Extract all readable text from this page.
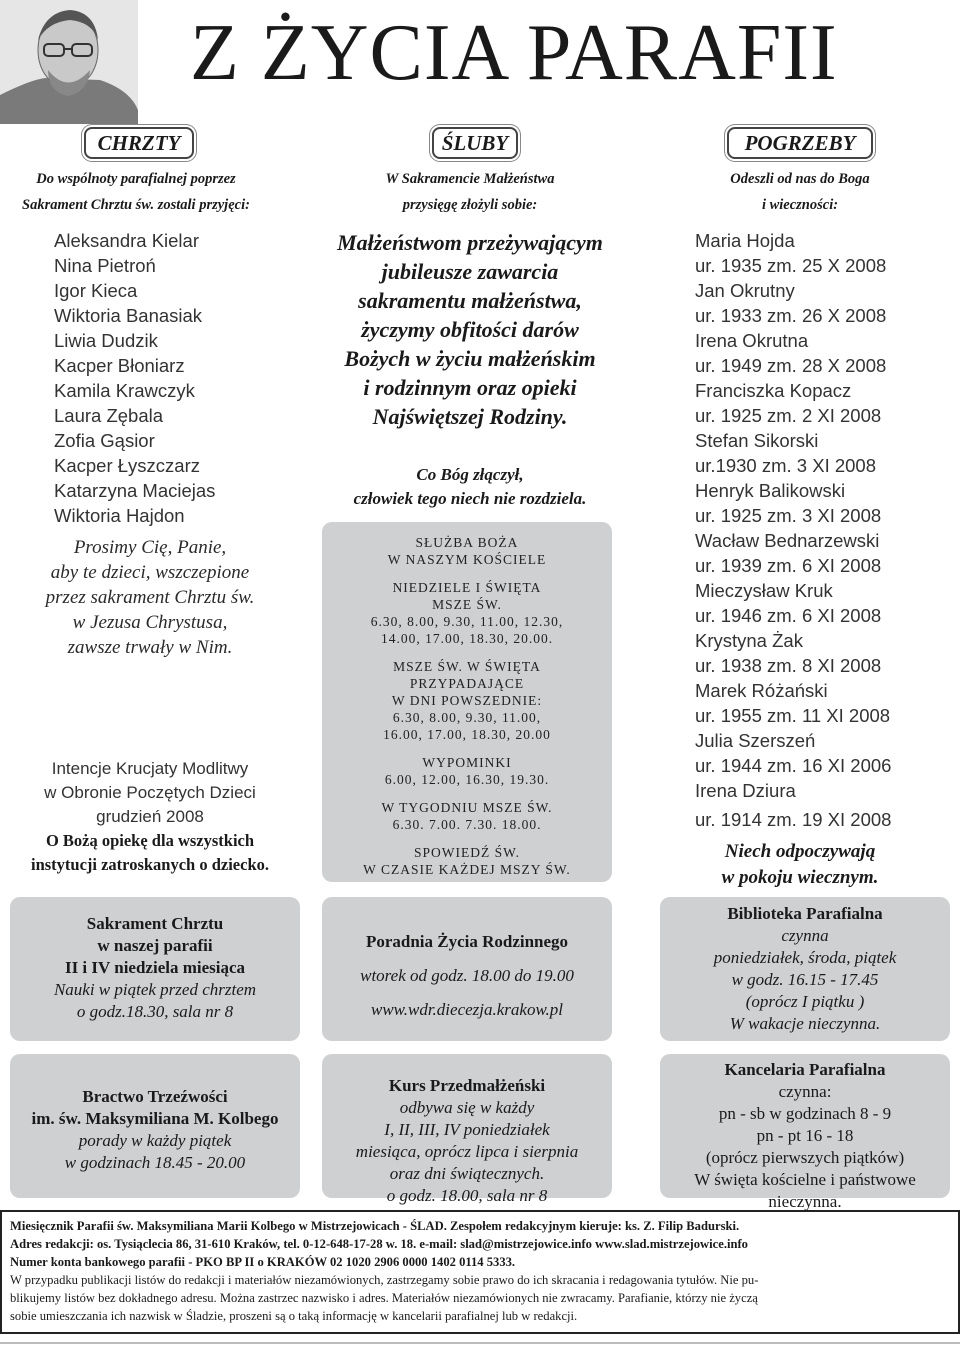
Z ŻYCIA PARAFII
CHRZTY
Do wspólnoty parafialnej poprzez
Sakrament Chrztu św. zostali przyjęci:
Aleksandra Kielar
Nina Pietroń
Igor Kieca
Wiktoria Banasiak
Liwia Dudzik
Kacper Błoniarz
Kamila Krawczyk
Laura Zębala
Zofia Gąsior
Kacper Łyszczarz
Katarzyna Maciejas
Wiktoria Hajdon
Prosimy Cię, Panie,
aby te dzieci, wszczepione
przez sakrament Chrztu św.
w Jezusa Chrystusa,
zawsze trwały w Nim.
Intencje Krucjaty Modlitwy
w Obronie Poczętych Dzieci
grudzień 2008
O Bożą opiekę dla wszystkich
instytucji zatroskanych o dziecko.
ŚLUBY
W Sakramencie Małżeństwa
przysięgę złożyli sobie:
Małżeństwom przeżywającym
jubileusze zawarcia
sakramentu małżeństwa,
życzymy obfitości darów
Bożych w życiu małżeńskim
i rodzinnym oraz opieki
Najświętszej Rodziny.
Co Bóg złączył,
człowiek tego niech nie rozdziela.
SŁUŻBA BOŻA
W NASZYM KOŚCIELE
NIEDZIELE I ŚWIĘTA
MSZE ŚW.
6.30, 8.00, 9.30, 11.00, 12.30,
14.00, 17.00, 18.30, 20.00.
MSZE ŚW. W ŚWIĘTA
PRZYPADAJĄCE
W DNI POWSZEDNIE:
6.30, 8.00, 9.30, 11.00,
16.00, 17.00, 18.30, 20.00
WYPOMINKI
6.00, 12.00, 16.30, 19.30.
W TYGODNIU MSZE ŚW.
6.30. 7.00. 7.30. 18.00.
SPOWIEDŹ ŚW.
W CZASIE KAŻDEJ MSZY ŚW.
POGRZEBY
Odeszli od nas do Boga
i wieczności:
Maria Hojda
ur. 1935 zm. 25 X 2008
Jan Okrutny
ur. 1933 zm. 26 X 2008
Irena Okrutna
ur. 1949 zm. 28 X 2008
Franciszka Kopacz
ur. 1925 zm. 2 XI 2008
Stefan Sikorski
ur.1930 zm. 3 XI 2008
Henryk Balikowski
ur. 1925 zm. 3 XI 2008
Wacław Bednarzewski
ur. 1939 zm. 6 XI 2008
Mieczysław Kruk
ur. 1946 zm. 6 XI 2008
Krystyna Żak
ur. 1938 zm. 8 XI 2008
Marek Różański
ur. 1955 zm. 11 XI 2008
Julia Szerszeń
ur. 1944 zm. 16 XI 2006
Irena Dziura
ur. 1914 zm. 19 XI 2008
Niech odpoczywają
w pokoju wiecznym.
Sakrament Chrztu
w naszej parafii
II i IV niedziela miesiąca
Nauki w piątek przed chrztem
o godz.18.30, sala nr 8
Poradnia Życia Rodzinnego
wtorek od godz. 18.00 do 19.00
www.wdr.diecezja.krakow.pl
Biblioteka Parafialna
czynna
poniedziałek, środa, piątek
w godz. 16.15 - 17.45
(oprócz I piątku )
W wakacje nieczynna.
Bractwo Trzeźwości
im. św. Maksymiliana M. Kolbego
porady w każdy piątek
w godzinach 18.45 - 20.00
Kurs Przedmałżeński
odbywa się w każdy
I, II, III, IV poniedziałek
miesiąca, oprócz lipca i sierpnia
oraz dni świątecznych.
o godz. 18.00, sala nr 8
Kancelaria Parafialna
czynna:
pn - sb w godzinach 8 - 9
pn - pt 16 - 18
(oprócz pierwszych piątków)
W święta kościelne i państwowe
nieczynna.
Miesięcznik Parafii św. Maksymiliana Marii Kolbego w Mistrzejowicach - ŚLAD. Zespołem redakcyjnym kieruje: ks. Z. Filip Badurski.
Adres redakcji: os. Tysiąclecia 86, 31-610 Kraków, tel. 0-12-648-17-28 w. 18. e-mail: slad@mistrzejowice.info www.slad.mistrzejowice.info
Numer konta bankowego parafii - PKO BP II o KRAKÓW 02 1020 2906 0000 1402 0114 5333.
W przypadku publikacji listów do redakcji i materiałów niezamówionych, zastrzegamy sobie prawo do ich skracania i redagowania tytułów. Nie pu-
blikujemy listów bez dokładnego adresu. Można zastrzec nazwisko i adres. Materiałów niezamówionych nie zwracamy. Parafianie, którzy nie życzą
sobie umieszczania ich nazwisk w Śladzie, proszeni są o taką informację w kancelarii parafialnej lub w redakcji.
